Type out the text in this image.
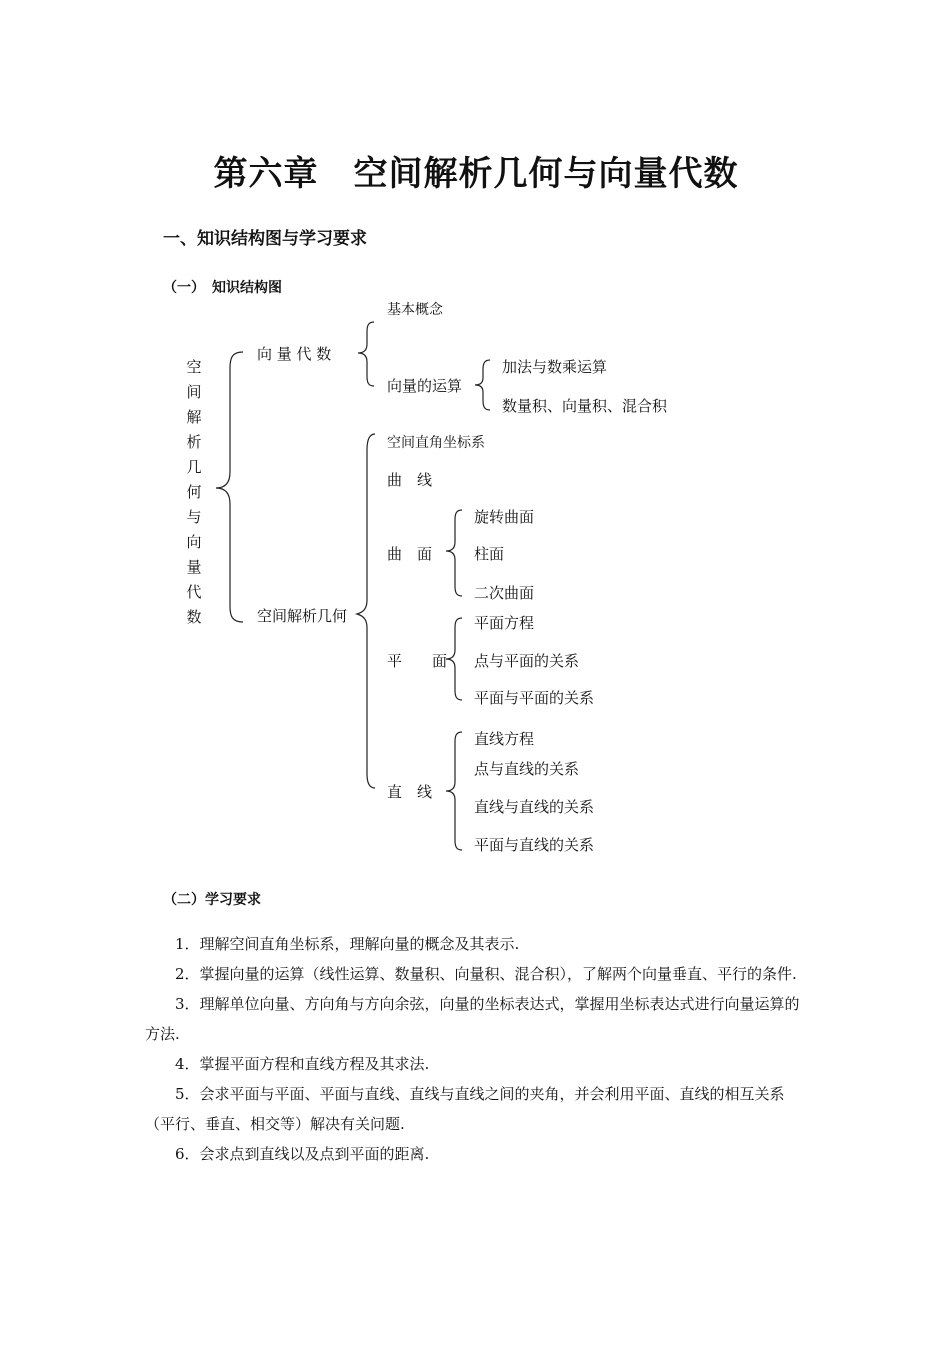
第六章　空间解析几何与向量代数
一、知识结构图与学习要求
（一）　知识结构图
空
间
解
析
几
何
与
向
量
代
数
向 量 代 数
基本概念
向量的运算
加法与数乘运算
数量积、向量积、混合积
空间解析几何
空间直角坐标系
曲　线
曲　面
旋转曲面
柱面
二次曲面
平　　面
平面方程
点与平面的关系
平面与平面的关系
直　线
直线方程
点与直线的关系
直线与直线的关系
平面与直线的关系
（二）学习要求

　　1．理解空间直角坐标系，理解向量的概念及其表示.

　　2．掌握向量的运算（线性运算、数量积、向量积、混合积），了解两个向量垂直、平行的条件.

　　3．理解单位向量、方向角与方向余弦，向量的坐标表达式，掌握用坐标表达式进行向量运算的方法.

　　4．掌握平面方程和直线方程及其求法.

　　5．会求平面与平面、平面与直线、直线与直线之间的夹角，并会利用平面、直线的相互关系（平行、垂直、相交等）解决有关问题.

　　6．会求点到直线以及点到平面的距离.
